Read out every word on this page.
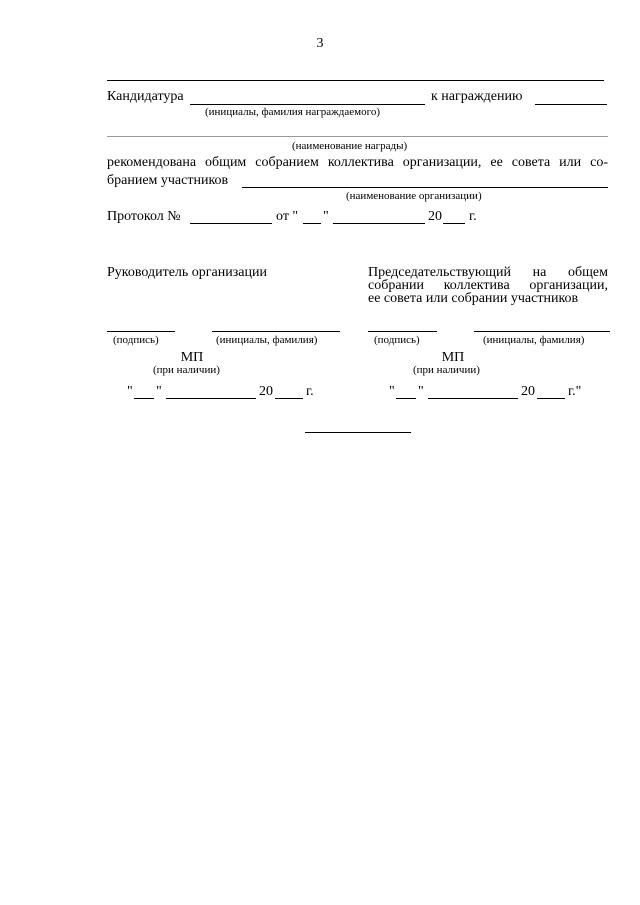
3
Кандидатура	к награждению
(инициалы, фамилия награждаемого)
(наименование награды)
рекомендована общим собранием коллектива организации, ее совета или со-
бранием участников
(наименование организации)
Протокол №	от " "	20 г.
Руководитель организации	Председательствующий на общем
собрании коллектива организации,
ее совета или собрании участников
(подпись)	(инициалы, фамилия)	(подпись)	(инициалы, фамилия)
МП
(при наличии)
МП
(при наличии)
" "	20 г.	" "	20 г."
